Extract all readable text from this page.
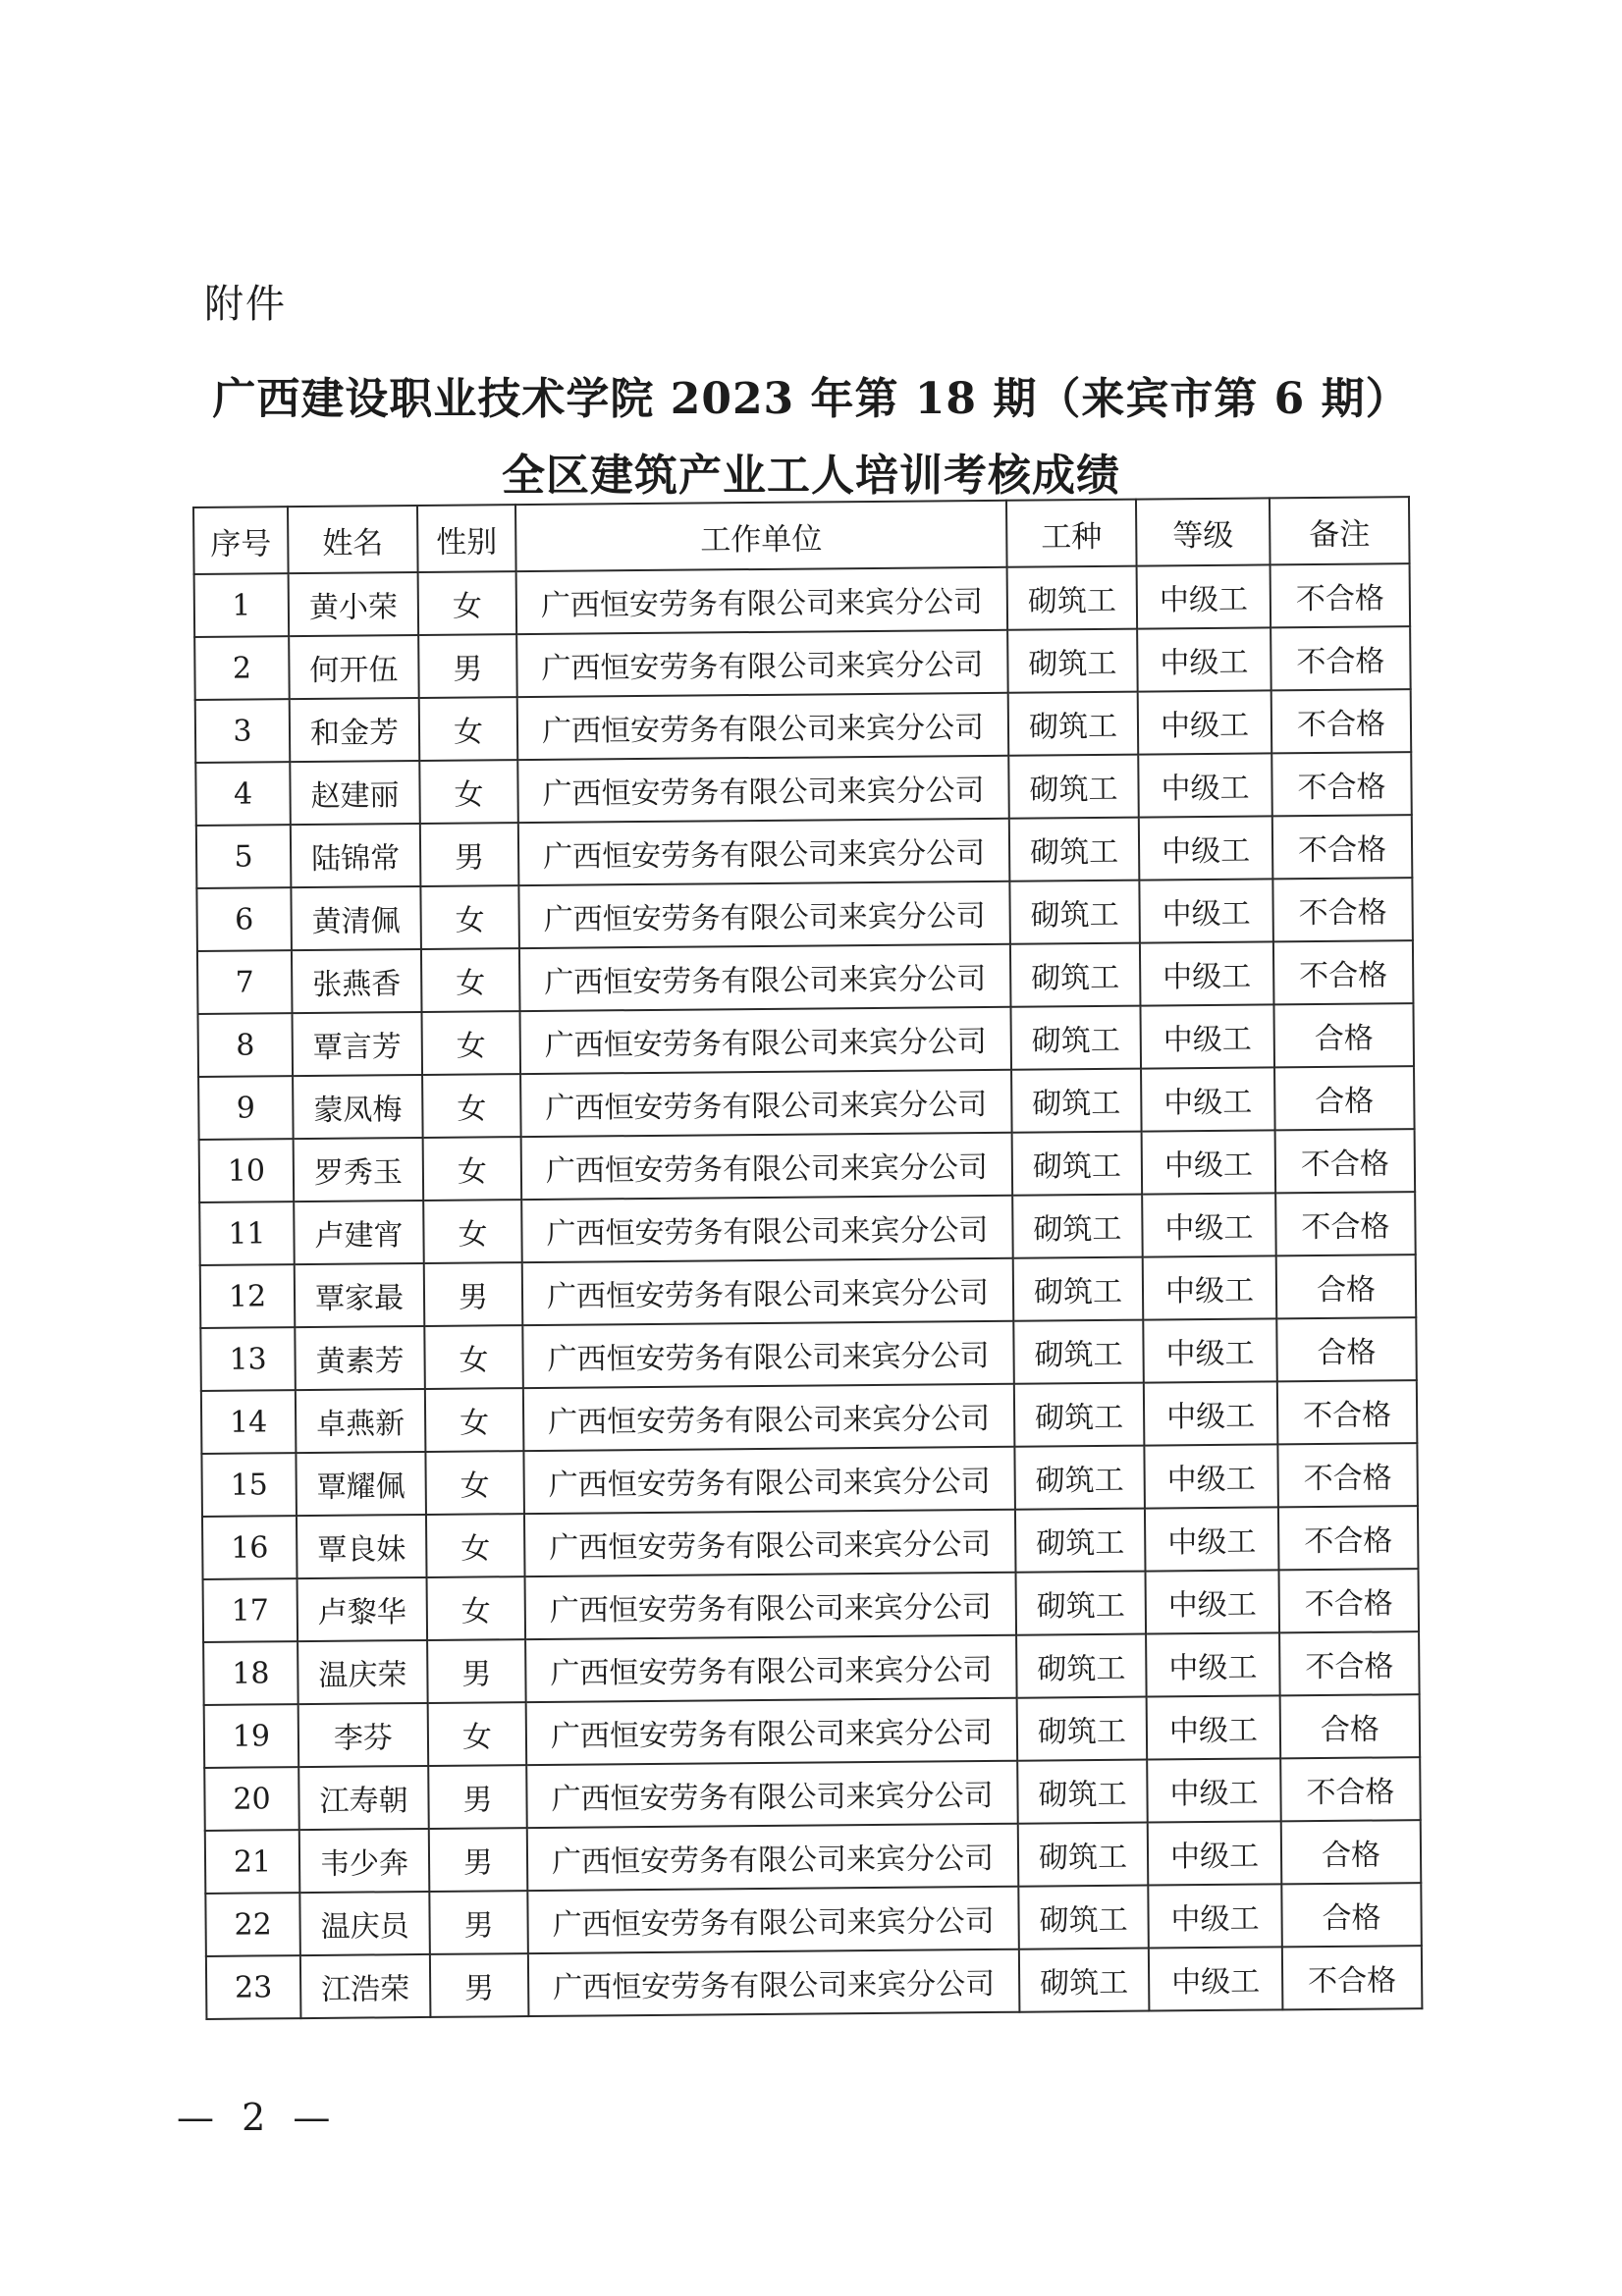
附件
广西建设职业技术学院 2023 年第 18 期（来宾市第 6 期）
全区建筑产业工人培训考核成绩
序号	姓名	性别	工作单位	工种	等级	备注
1	黄小荣	女	广西恒安劳务有限公司来宾分公司	砌筑工	中级工	不合格
2	何开伍	男	广西恒安劳务有限公司来宾分公司	砌筑工	中级工	不合格
3	和金芳	女	广西恒安劳务有限公司来宾分公司	砌筑工	中级工	不合格
4	赵建丽	女	广西恒安劳务有限公司来宾分公司	砌筑工	中级工	不合格
5	陆锦常	男	广西恒安劳务有限公司来宾分公司	砌筑工	中级工	不合格
6	黄清佩	女	广西恒安劳务有限公司来宾分公司	砌筑工	中级工	不合格
7	张燕香	女	广西恒安劳务有限公司来宾分公司	砌筑工	中级工	不合格
8	覃言芳	女	广西恒安劳务有限公司来宾分公司	砌筑工	中级工	合格
9	蒙凤梅	女	广西恒安劳务有限公司来宾分公司	砌筑工	中级工	合格
10	罗秀玉	女	广西恒安劳务有限公司来宾分公司	砌筑工	中级工	不合格
11	卢建宵	女	广西恒安劳务有限公司来宾分公司	砌筑工	中级工	不合格
12	覃家最	男	广西恒安劳务有限公司来宾分公司	砌筑工	中级工	合格
13	黄素芳	女	广西恒安劳务有限公司来宾分公司	砌筑工	中级工	合格
14	卓燕新	女	广西恒安劳务有限公司来宾分公司	砌筑工	中级工	不合格
15	覃耀佩	女	广西恒安劳务有限公司来宾分公司	砌筑工	中级工	不合格
16	覃良妹	女	广西恒安劳务有限公司来宾分公司	砌筑工	中级工	不合格
17	卢黎华	女	广西恒安劳务有限公司来宾分公司	砌筑工	中级工	不合格
18	温庆荣	男	广西恒安劳务有限公司来宾分公司	砌筑工	中级工	不合格
19	李芬	女	广西恒安劳务有限公司来宾分公司	砌筑工	中级工	合格
20	江寿朝	男	广西恒安劳务有限公司来宾分公司	砌筑工	中级工	不合格
21	韦少奔	男	广西恒安劳务有限公司来宾分公司	砌筑工	中级工	合格
22	温庆员	男	广西恒安劳务有限公司来宾分公司	砌筑工	中级工	合格
23	江浩荣	男	广西恒安劳务有限公司来宾分公司	砌筑工	中级工	不合格
— 2 —
